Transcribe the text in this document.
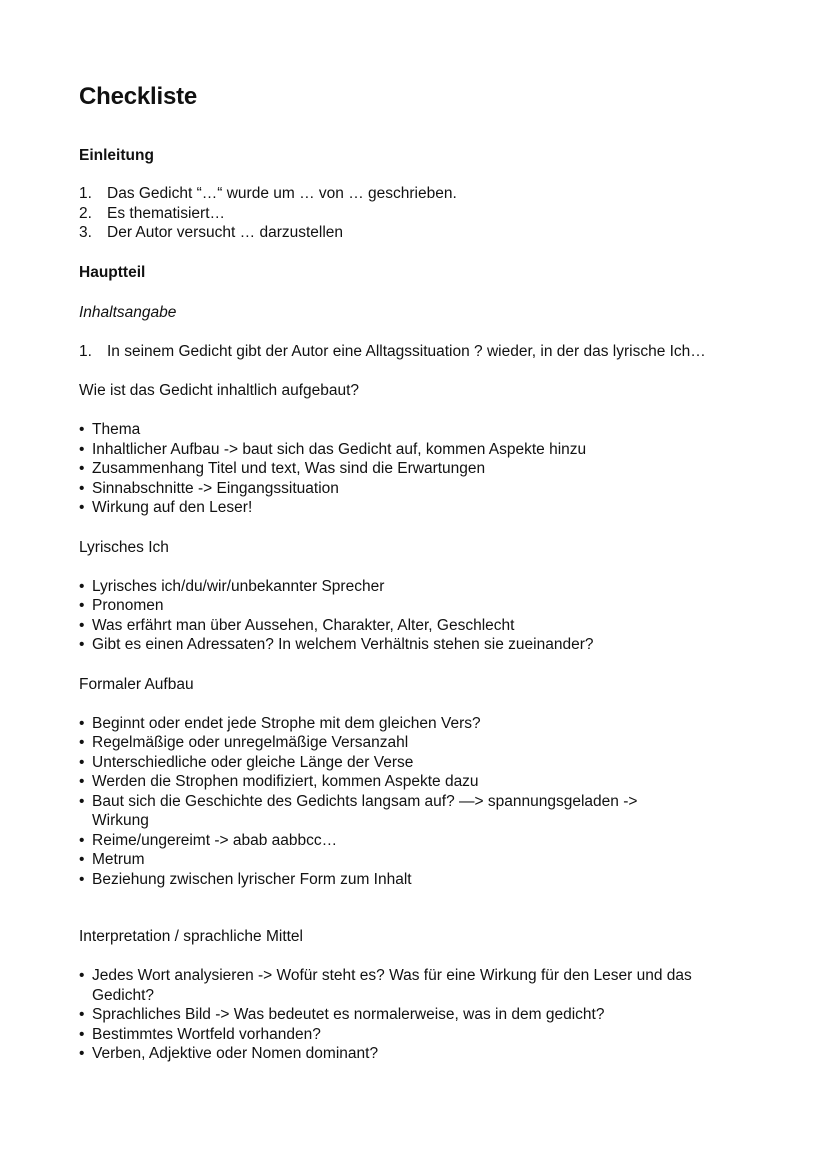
Checkliste
Einleitung
1. Das Gedicht “…“ wurde um … von … geschrieben.
2. Es thematisiert…
3. Der Autor versucht … darzustellen
Hauptteil
Inhaltsangabe
1. In seinem Gedicht gibt der Autor eine Alltagssituation ? wieder, in der das lyrische Ich…
Wie ist das Gedicht inhaltlich aufgebaut?
• Thema
• Inhaltlicher Aufbau -> baut sich das Gedicht auf, kommen Aspekte hinzu
• Zusammenhang Titel und text, Was sind die Erwartungen
• Sinnabschnitte -> Eingangssituation
• Wirkung auf den Leser!
Lyrisches Ich
• Lyrisches ich/du/wir/unbekannter Sprecher
• Pronomen
• Was erfährt man über Aussehen, Charakter, Alter, Geschlecht
• Gibt es einen Adressaten? In welchem Verhältnis stehen sie zueinander?
Formaler Aufbau
• Beginnt oder endet jede Strophe mit dem gleichen Vers?
• Regelmäßige oder unregelmäßige Versanzahl
• Unterschiedliche oder gleiche Länge der Verse
• Werden die Strophen modifiziert, kommen Aspekte dazu
• Baut sich die Geschichte des Gedichts langsam auf? —> spannungsgeladen -> Wirkung
• Reime/ungereimt -> abab aabbcc…
• Metrum
• Beziehung zwischen lyrischer Form zum Inhalt
Interpretation / sprachliche Mittel
• Jedes Wort analysieren -> Wofür steht es? Was für eine Wirkung für den Leser und das Gedicht?
• Sprachliches Bild -> Was bedeutet es normalerweise, was in dem gedicht?
• Bestimmtes Wortfeld vorhanden?
• Verben, Adjektive oder Nomen dominant?
